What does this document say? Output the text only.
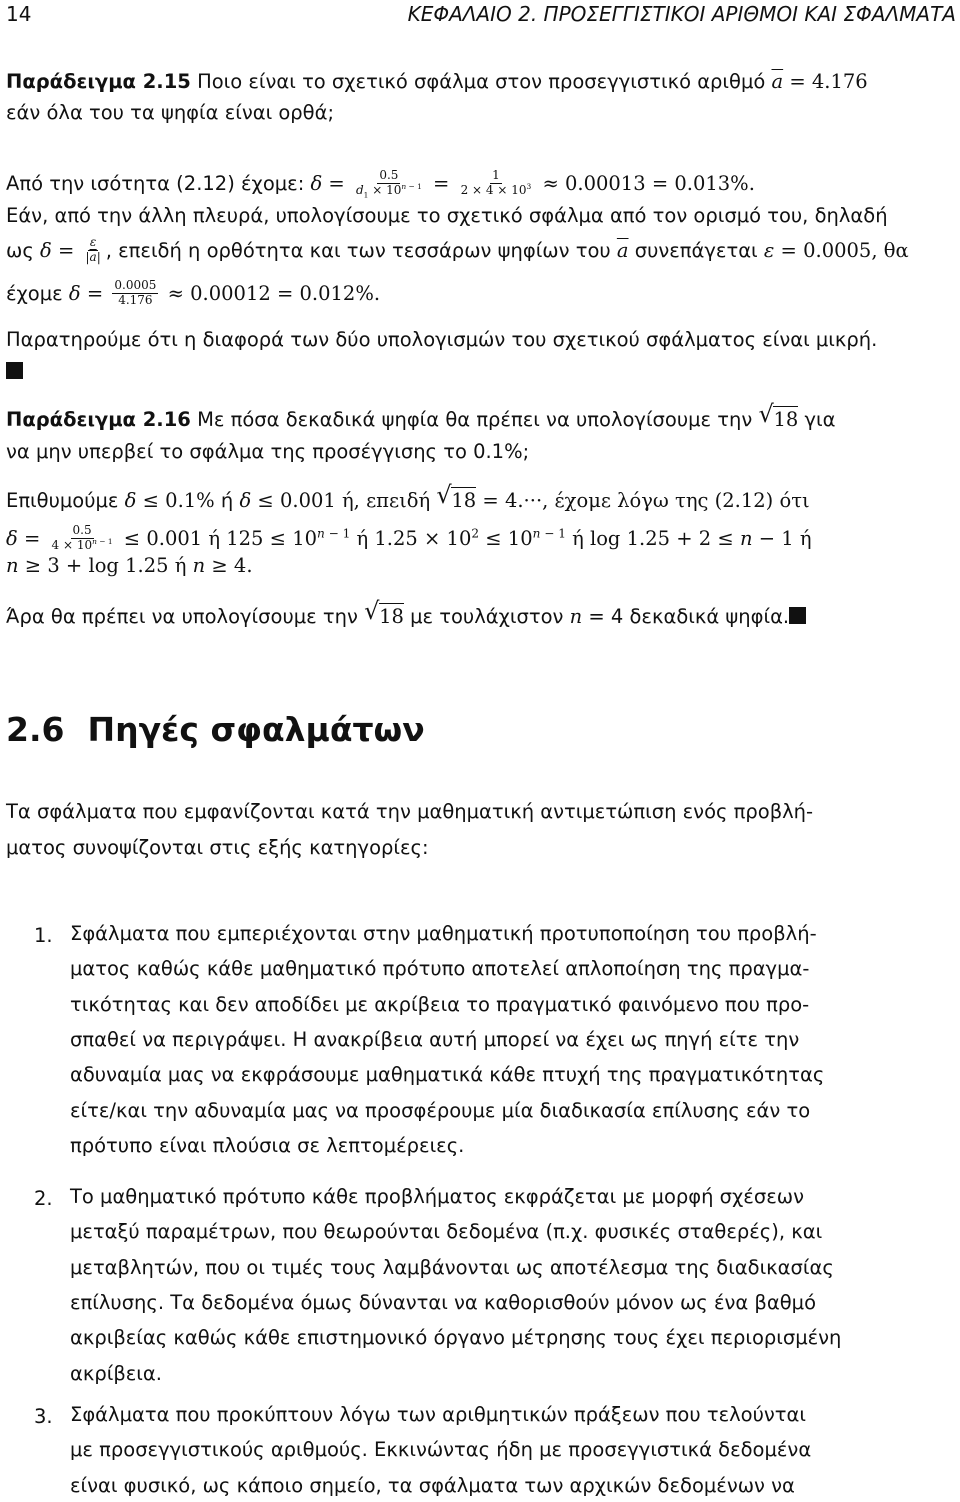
14	ΚΕΦΑΛΑΙΟ 2. ΠΡΟΣΕΓΓΙΣΤΙΚΟΙ ΑΡΙΘΜΟΙ ΚΑΙ ΣΦΑΛΜΑΤΑ
Παράδειγμα 2.15 Ποιο είναι το σχετικό σφάλμα στον προσεγγιστικό αριθμό $\overline{a} = 4.176$
εάν όλα του τα ψηφία είναι ορθά;
Από την ισότητα (2.12) έχομε: $\delta = \frac{0.5}{d_1 \times 10^{n - 1}} = \frac{1}{2 \times 4 \times 10^3} \approx 0.00013 = 0.013\%$.
Εάν, από την άλλη πλευρά, υπολογίσουμε το σχετικό σφάλμα από τον ορισμό του, δηλαδή
ως $\delta = \frac{\varepsilon}{|\overline{a}|}$ , επειδή η ορθότητα και των τεσσάρων ψηφίων του $\overline{a}$ συνεπάγεται ε = 0.0005, θα
έχομε $\delta = \frac{0.0005}{4.176} \approx 0.00012 = 0.012\%$.
Παρατηρούμε ότι η διαφορά των δύο υπολογισμών του σχετικού σφάλματος είναι μικρή.
Παράδειγμα 2.16 Με πόσα δεκαδικά ψηφία θα πρέπει να υπολογίσουμε την √ 18 για
να μην υπερβεί το σφάλμα της προσέγγισης το 0.1%;
Επιθυμούμε δ ≤ 0.1% ή δ ≤ 0.001 ή, επειδή √ 18 = 4.···, έχομε λόγω της (2.12) ότι
$\delta = \frac{0.5}{4 \times 10^{n - 1}} \le 0.001$ ή $125 \le 10^{n - 1}$ ή $1.25 \times 10^2 \le 10^{n - 1}$ ή log 1.25 + 2 ≤ n − 1 ή
n ≥ 3 + log 1.25 ή n ≥ 4.
Άρα θα πρέπει να υπολογίσουμε την √ 18 με τουλάχιστον n = 4 δεκαδικά ψηφία.
2.6 Πηγές σφαλμάτων
Τα σφάλματα που εμφανίζονται κατά την μαθηματική αντιμετώπιση ενός προβλή-
ματος συνοψίζονται στις εξής κατηγορίες:
1. Σφάλματα που εμπεριέχονται στην μαθηματική προτυποποίηση του προβλή-
ματος καθώς κάθε μαθηματικό πρότυπο αποτελεί απλοποίηση της πραγμα-
τικότητας και δεν αποδίδει με ακρίβεια το πραγματικό φαινόμενο που προ-
σπαθεί να περιγράψει. Η ανακρίβεια αυτή μπορεί να έχει ως πηγή είτε την
αδυναμία μας να εκφράσουμε μαθηματικά κάθε πτυχή της πραγματικότητας
είτε/και την αδυναμία μας να προσφέρουμε μία διαδικασία επίλυσης εάν το
πρότυπο είναι πλούσια σε λεπτομέρειες.
2. Το μαθηματικό πρότυπο κάθε προβλήματος εκφράζεται με μορφή σχέσεων
μεταξύ παραμέτρων, που θεωρούνται δεδομένα (π.χ. φυσικές σταθερές), και
μεταβλητών, που οι τιμές τους λαμβάνονται ως αποτέλεσμα της διαδικασίας
επίλυσης. Τα δεδομένα όμως δύνανται να καθορισθούν μόνον ως ένα βαθμό
ακριβείας καθώς κάθε επιστημονικό όργανο μέτρησης τους έχει περιορισμένη
ακρίβεια.
3. Σφάλματα που προκύπτουν λόγω των αριθμητικών πράξεων που τελούνται
με προσεγγιστικούς αριθμούς. Εκκινώντας ήδη με προσεγγιστικά δεδομένα
είναι φυσικό, ως κάποιο σημείο, τα σφάλματα των αρχικών δεδομένων να
